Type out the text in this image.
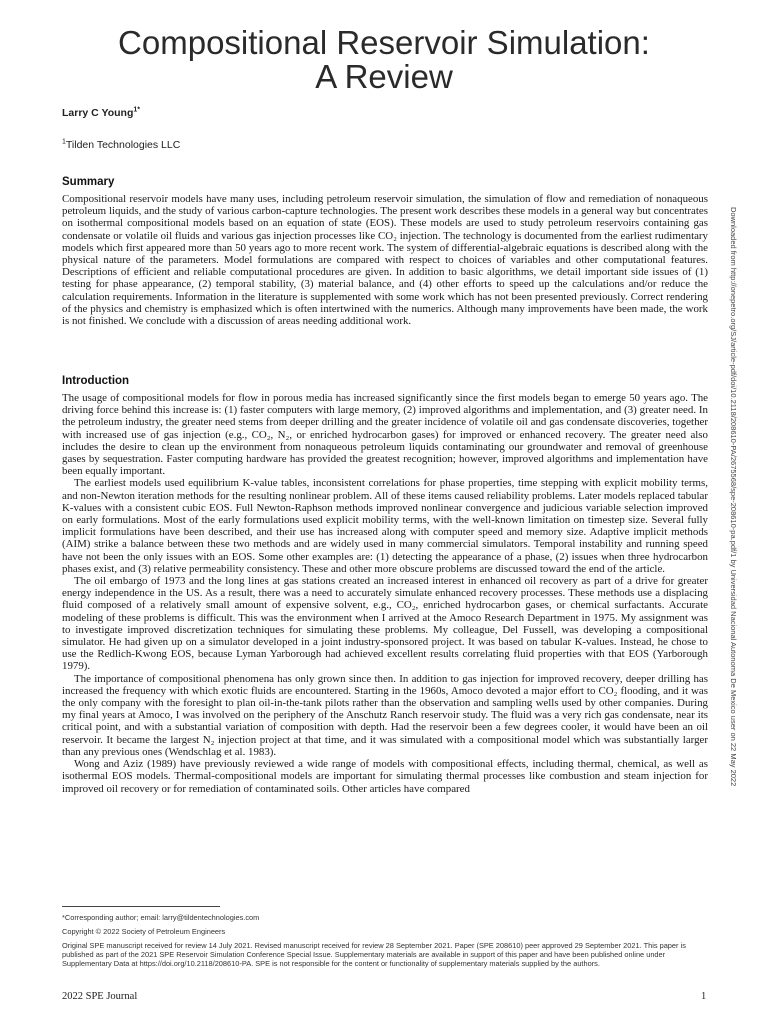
Compositional Reservoir Simulation:
A Review
Larry C Young$^{1*}$
$^1$Tilden Technologies LLC
Summary

Compositional reservoir models have many uses, including petroleum reservoir simulation, the simulation of flow and remediation of nonaqueous petroleum liquids, and the study of various carbon-capture technologies. The present work describes these models in a general way but concentrates on isothermal compositional models based on an equation of state (EOS). These models are used to study petroleum reservoirs containing gas condensate or volatile oil fluids and various gas injection processes like CO₂ injection. The technology is documented from the earliest rudimentary models which first appeared more than 50 years ago to more recent work. The system of differential-algebraic equations is described along with the physical nature of the parameters. Model formulations are compared with respect to choices of variables and other computational features. Descriptions of efficient and reliable computational procedures are given. In addition to basic algorithms, we detail important side issues of (1) testing for phase appearance, (2) temporal stability, (3) material balance, and (4) other efforts to speed up the calculations and/or reduce the calculation requirements. Information in the literature is supplemented with some work which has not been presented previously. Correct rendering of the physics and chemistry is emphasized which is often intertwined with the numerics. Although many improvements have been made, the work is not finished. We conclude with a discussion of areas needing additional work.

Introduction

The usage of compositional models for flow in porous media has increased significantly since the first models began to emerge 50 years ago. The driving force behind this increase is: (1) faster computers with large memory, (2) improved algorithms and implementation, and (3) greater need. In the petroleum industry, the greater need stems from deeper drilling and the greater incidence of volatile oil and gas condensate discoveries, together with increased use of gas injection (e.g., CO₂, N₂, or enriched hydrocarbon gases) for improved or enhanced recovery. The greater need also includes the desire to clean up the environment from nonaqueous petroleum liquids contaminating our groundwater and removal of greenhouse gases by sequestration. Faster computing hardware has provided the greatest recognition; however, improved algorithms and implementation have been equally important.

The earliest models used equilibrium K-value tables, inconsistent correlations for phase properties, time stepping with explicit mobility terms, and non-Newton iteration methods for the resulting nonlinear problem. All of these items caused reliability problems. Later models replaced tabular K-values with a consistent cubic EOS. Full Newton-Raphson methods improved nonlinear convergence and judicious variable selection improved on early formulations. Most of the early formulations used explicit mobility terms, with the well-known limitation on timestep size. Several fully implicit formulations have been described, and their use has increased along with computer speed and memory size. Adaptive implicit methods (AIM) strike a balance between these two methods and are widely used in many commercial simulators. Temporal instability and running speed have not been the only issues with an EOS. Some other examples are: (1) detecting the appearance of a phase, (2) issues when three hydrocarbon phases exist, and (3) relative permeability consistency. These and other more obscure problems are discussed toward the end of the article.

The oil embargo of 1973 and the long lines at gas stations created an increased interest in enhanced oil recovery as part of a drive for greater energy independence in the US. As a result, there was a need to accurately simulate enhanced recovery processes. These methods use a displacing fluid composed of a relatively small amount of expensive solvent, e.g., CO₂, enriched hydrocarbon gases, or chemical surfactants. Accurate modeling of these problems is difficult. This was the environment when I arrived at the Amoco Research Department in 1975. My assignment was to investigate improved discretization techniques for simulating these problems. My colleague, Del Fussell, was developing a compositional simulator. He had given up on a simulator developed in a joint industry-sponsored project. It was based on tabular K-values. Instead, he chose to use the Redlich-Kwong EOS, because Lyman Yarborough had achieved excellent results correlating fluid properties with that EOS (Yarborough 1979).

The importance of compositional phenomena has only grown since then. In addition to gas injection for improved recovery, deeper drilling has increased the frequency with which exotic fluids are encountered. Starting in the 1960s, Amoco devoted a major effort to CO₂ flooding, and it was the only company with the foresight to plan oil-in-the-tank pilots rather than the observation and sampling wells used by other companies. During my final years at Amoco, I was involved on the periphery of the Anschutz Ranch reservoir study. The fluid was a very rich gas condensate, near its critical point, and with a substantial variation of composition with depth. Had the reservoir been a few degrees cooler, it would have been an oil reservoir. It became the largest N₂ injection project at that time, and it was simulated with a compositional model which was substantially larger than any previous ones (Wendschlag et al. 1983).

Wong and Aziz (1989) have previously reviewed a wide range of models with compositional effects, including thermal, chemical, as well as isothermal EOS models. Thermal-compositional models are important for simulating thermal processes like combustion and steam injection for improved oil recovery or for remediation of contaminated soils. Other articles have compared

*Corresponding author; email: larry@tildentechnologies.com
Copyright © 2022 Society of Petroleum Engineers
Original SPE manuscript received for review 14 July 2021. Revised manuscript received for review 28 September 2021. Paper (SPE 208610) peer approved 29 September 2021. This paper is published as part of the 2021 SPE Reservoir Simulation Conference Special Issue. Supplementary materials are available in support of this paper and have been published online under Supplementary Data at https://doi.org/10.2118/208610-PA. SPE is not responsible for the content or functionality of supplementary materials supplied by the authors.
Downloaded from http://onepetro.org/SJ/article-pdf/doi/10.2118/208610-PA/2675568/spe-208610-pa.pdf/1 by Universidad Nacional Autonoma De Mexico user on 22 May 2022
2022 SPE Journal	1
